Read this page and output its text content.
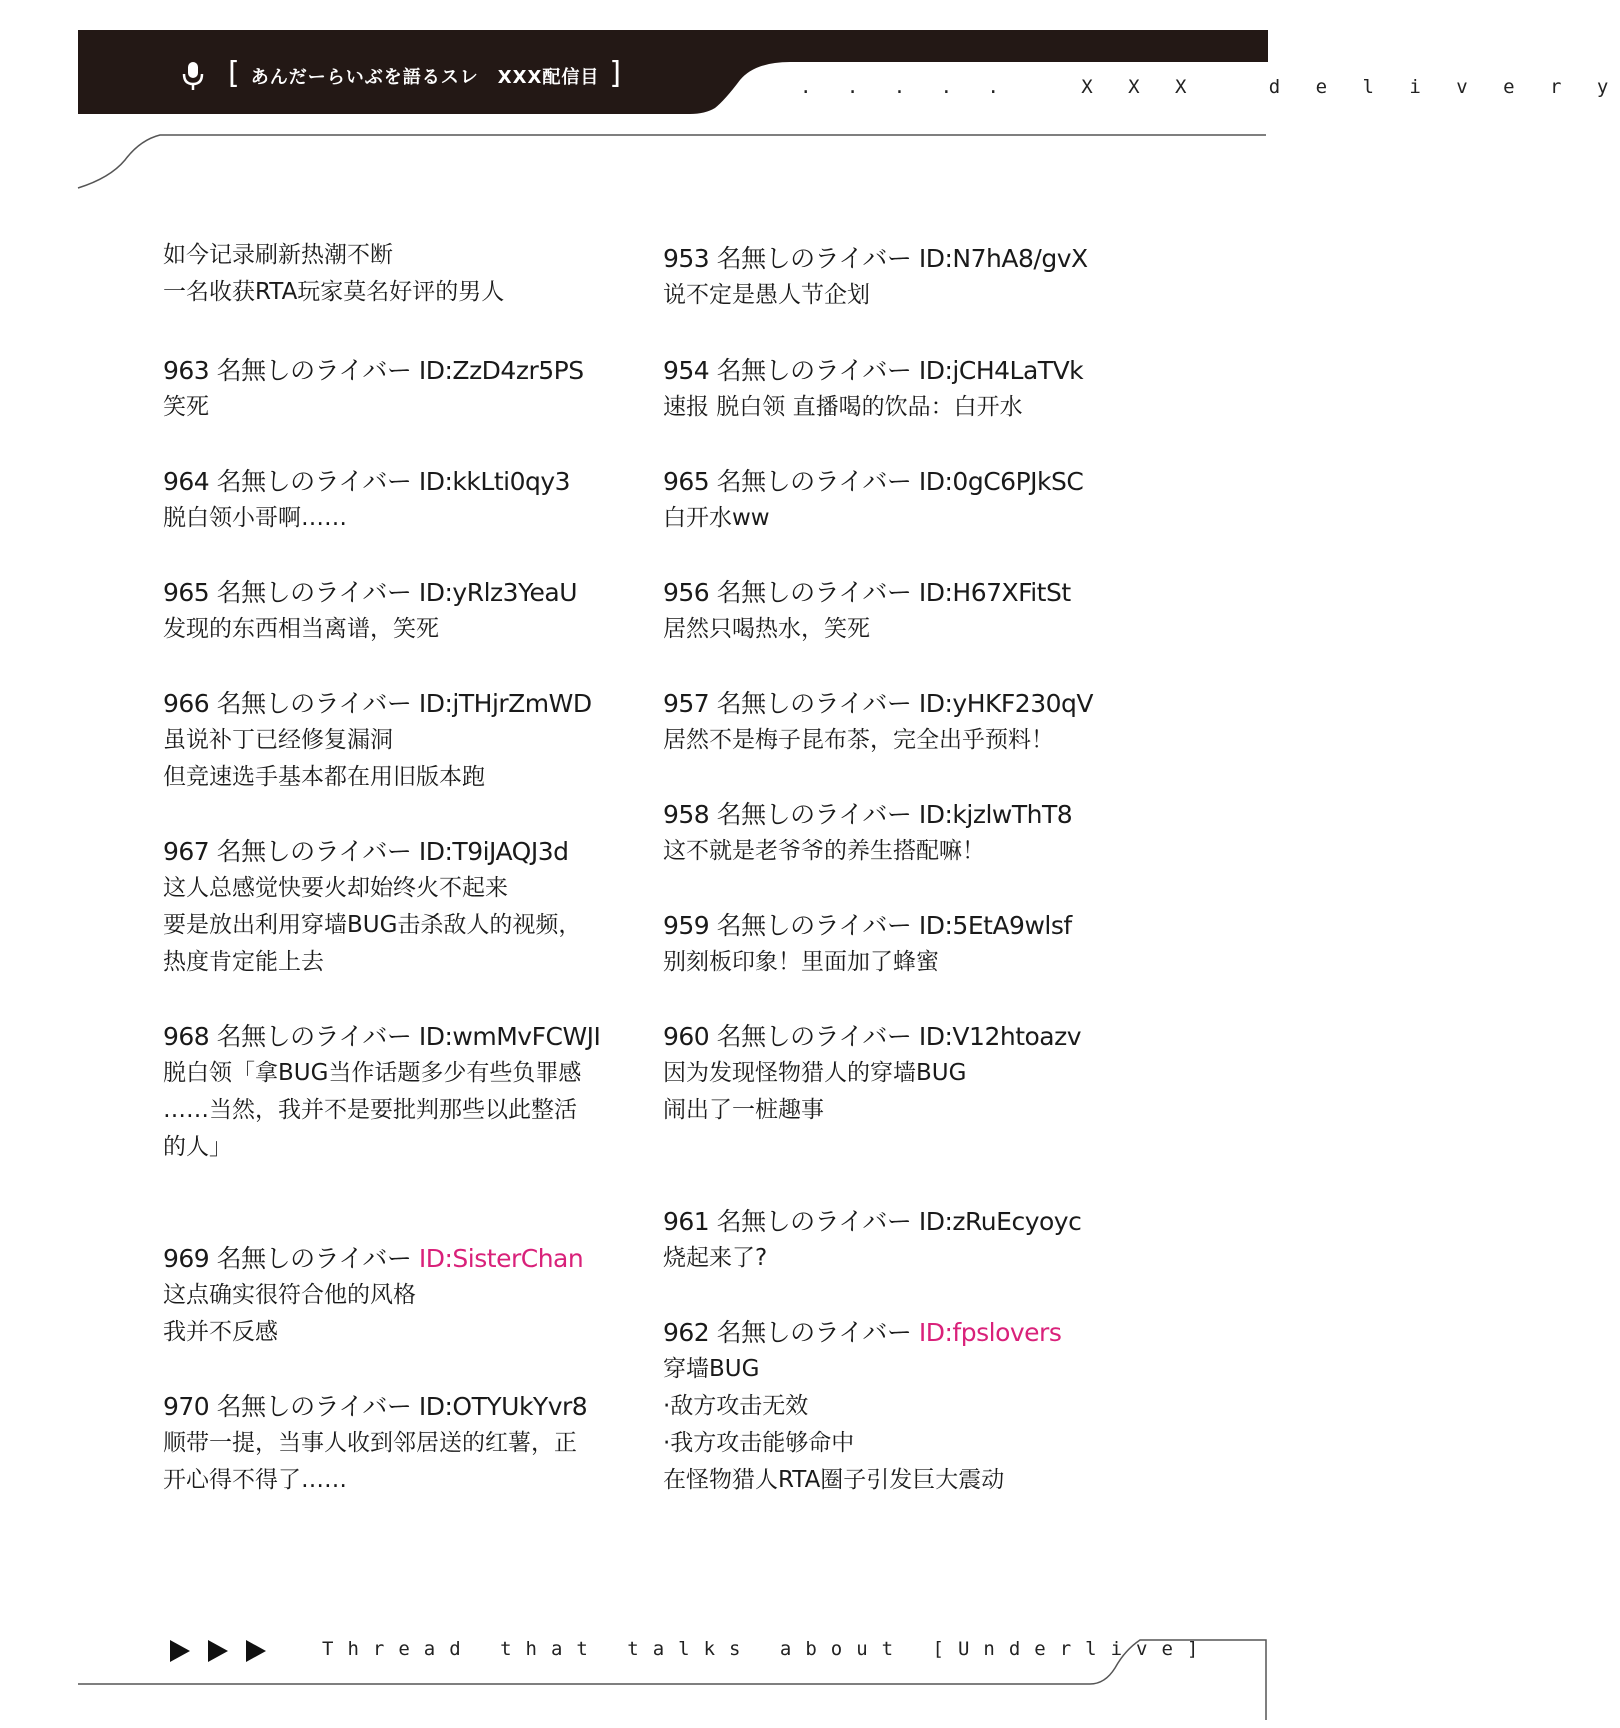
[ あんだーらいぶを語るスレ　XXX配信目 ]	. . . . .   X X X   d e l i v e r y
如今记录刷新热潮不断
一名收获RTA玩家莫名好评的男人
963 名無しのライバー ID:ZzD4zr5PS
笑死
964 名無しのライバー ID:kkLti0qy3
脱白领小哥啊……
965 名無しのライバー ID:yRlz3YeaU
发现的东西相当离谱，笑死
966 名無しのライバー ID:jTHjrZmWD
虽说补丁已经修复漏洞
但竞速选手基本都在用旧版本跑
967 名無しのライバー ID:T9iJAQJ3d
这人总感觉快要火却始终火不起来
要是放出利用穿墙BUG击杀敌人的视频，
热度肯定能上去
968 名無しのライバー ID:wmMvFCWJI
脱白领「拿BUG当作话题多少有些负罪感
……当然，我并不是要批判那些以此整活
的人」
969 名無しのライバー ID:SisterChan
这点确实很符合他的风格
我并不反感
970 名無しのライバー ID:OTYUkYvr8
顺带一提，当事人收到邻居送的红薯，正
开心得不得了……
953 名無しのライバー ID:N7hA8/gvX
说不定是愚人节企划
954 名無しのライバー ID:jCH4LaTVk
速报 脱白领 直播喝的饮品：白开水
965 名無しのライバー ID:0gC6PJkSC
白开水ww
956 名無しのライバー ID:H67XFitSt
居然只喝热水，笑死
957 名無しのライバー ID:yHKF230qV
居然不是梅子昆布茶，完全出乎预料！
958 名無しのライバー ID:kjzlwThT8
这不就是老爷爷的养生搭配嘛！
959 名無しのライバー ID:5EtA9wlsf
别刻板印象！里面加了蜂蜜
960 名無しのライバー ID:V12htoazv
因为发现怪物猎人的穿墙BUG
闹出了一桩趣事
961 名無しのライバー ID:zRuEcyoyc
烧起来了?
962 名無しのライバー ID:fpslovers
穿墙BUG
·敌方攻击无效
·我方攻击能够命中
在怪物猎人RTA圈子引发巨大震动
Thread that talks about [Underlive]
